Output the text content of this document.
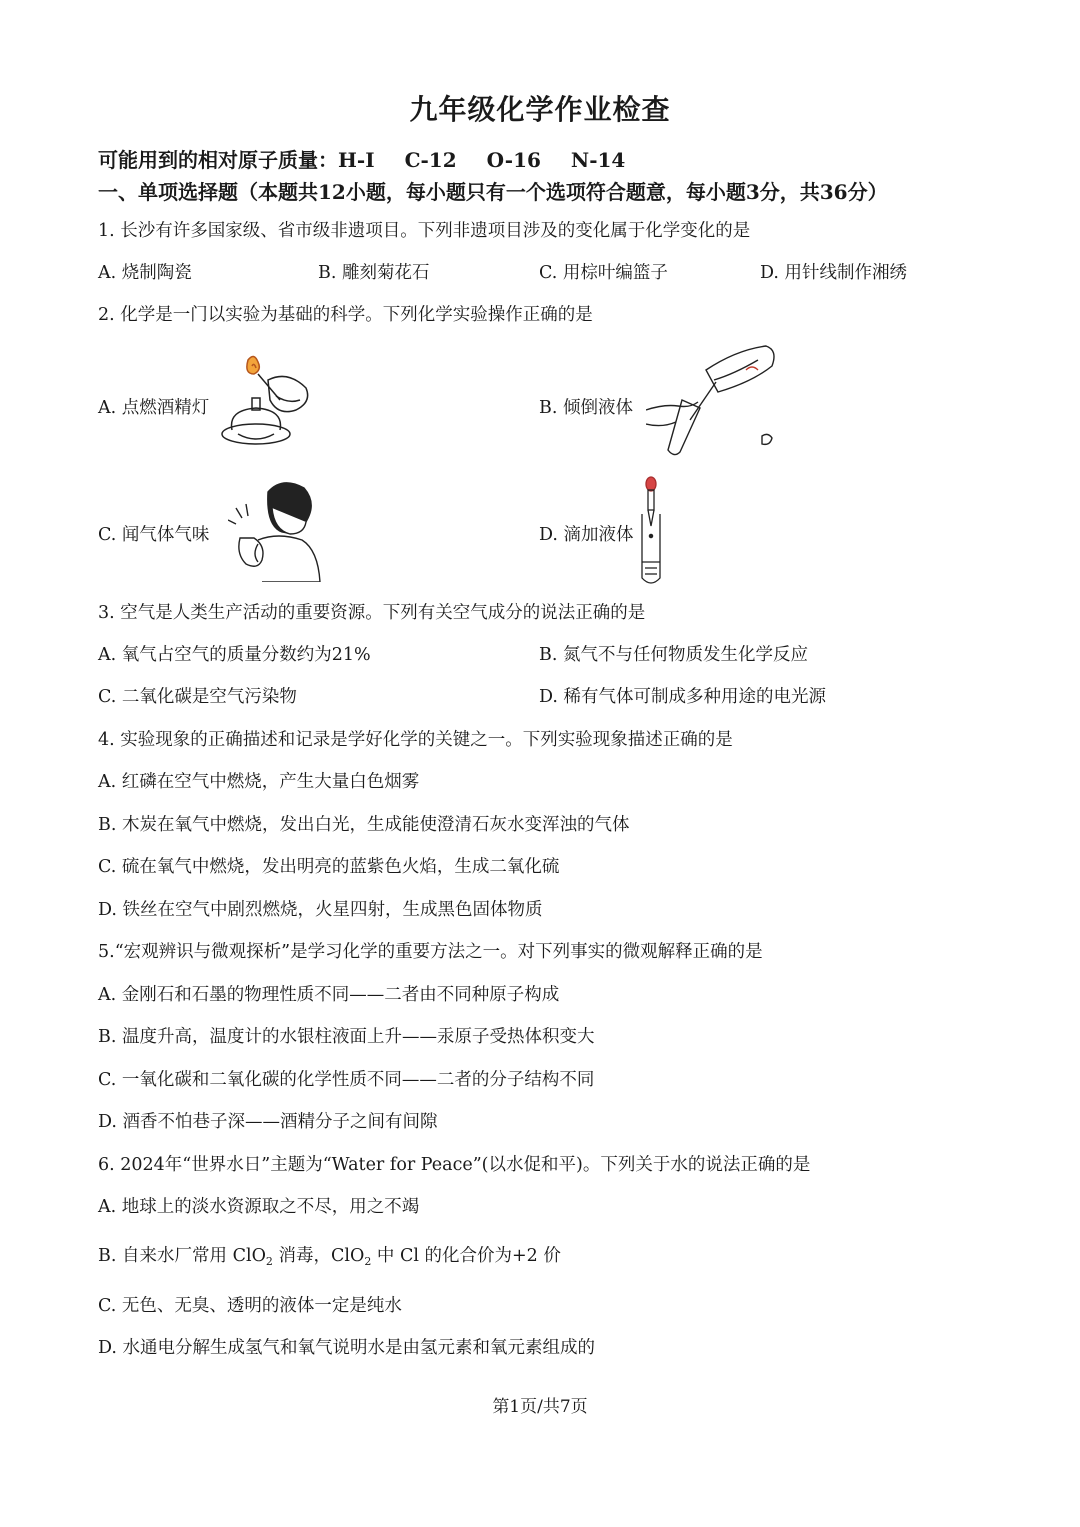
九年级化学作业检查
可能用到的相对原子质量：H-I C-12 O-16 N-14
一、单项选择题（本题共12小题，每小题只有一个选项符合题意，每小题3分，共36分）
1. 长沙有许多国家级、省市级非遗项目。下列非遗项目涉及的变化属于化学变化的是
A. 烧制陶瓷	B. 雕刻菊花石	C. 用棕叶编篮子	D. 用针线制作湘绣
2. 化学是一门以实验为基础的科学。下列化学实验操作正确的是
A. 点燃酒精灯	B. 倾倒液体
C. 闻气体气味	D. 滴加液体
3. 空气是人类生产活动的重要资源。下列有关空气成分的说法正确的是
A. 氧气占空气的质量分数约为21%	B. 氮气不与任何物质发生化学反应
C. 二氧化碳是空气污染物	D. 稀有气体可制成多种用途的电光源
4. 实验现象的正确描述和记录是学好化学的关键之一。下列实验现象描述正确的是
A. 红磷在空气中燃烧，产生大量白色烟雾
B. 木炭在氧气中燃烧，发出白光，生成能使澄清石灰水变浑浊的气体
C. 硫在氧气中燃烧，发出明亮的蓝紫色火焰，生成二氧化硫
D. 铁丝在空气中剧烈燃烧，火星四射，生成黑色固体物质
5.“宏观辨识与微观探析”是学习化学的重要方法之一。对下列事实的微观解释正确的是
A. 金刚石和石墨的物理性质不同——二者由不同种原子构成
B. 温度升高，温度计的水银柱液面上升——汞原子受热体积变大
C. 一氧化碳和二氧化碳的化学性质不同——二者的分子结构不同
D. 酒香不怕巷子深——酒精分子之间有间隙
6. 2024年“世界水日”主题为“Water for Peace”(以水促和平)。下列关于水的说法正确的是
A. 地球上的淡水资源取之不尽，用之不竭
B. 自来水厂常用 ClO$_2$ 消毒，ClO$_2$ 中 Cl 的化合价为+2 价
C. 无色、无臭、透明的液体一定是纯水
D. 水通电分解生成氢气和氧气说明水是由氢元素和氧元素组成的
第1页/共7页
